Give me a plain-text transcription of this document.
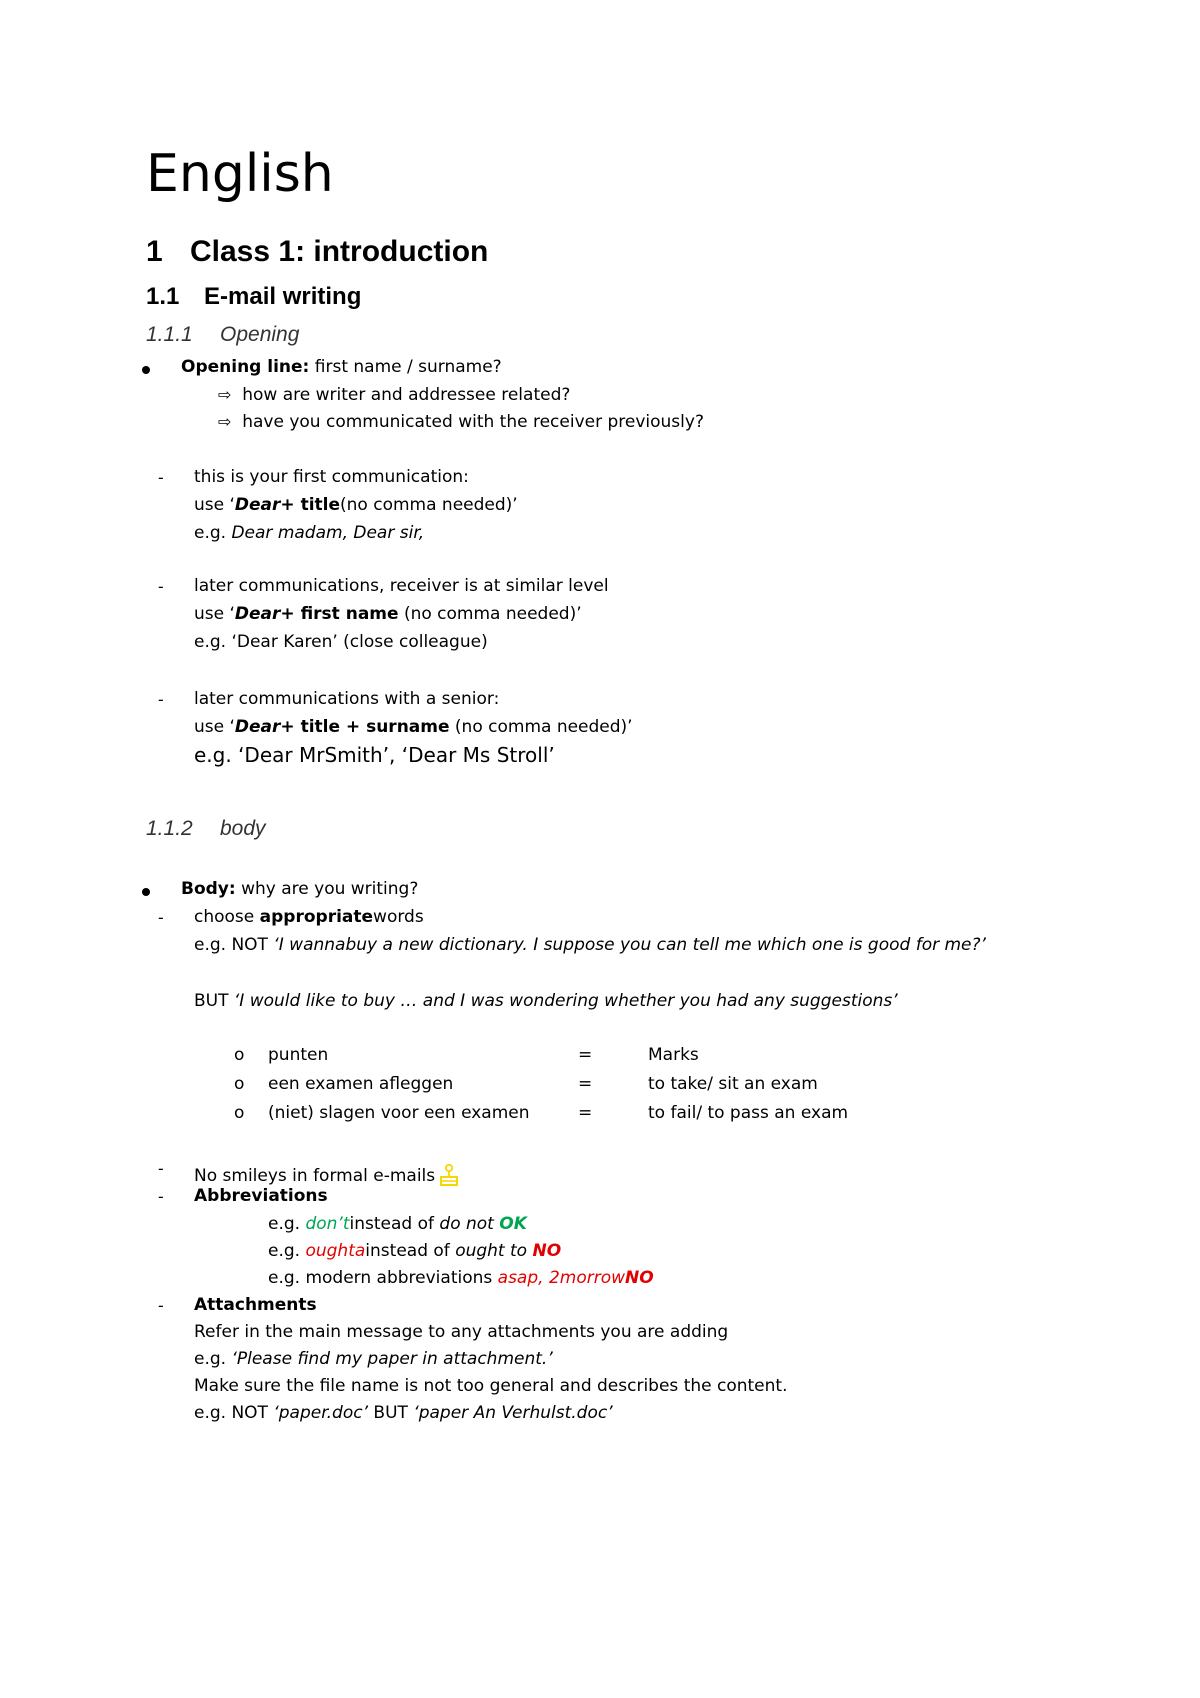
English
1 Class 1: introduction
1.1 E-mail writing
1.1.1 Opening
Opening line: first name / surname?
⇨ how are writer and addressee related?
⇨ have you communicated with the receiver previously?
- this is your first communication:
use ‘Dear+ title(no comma needed)’
e.g. Dear madam, Dear sir,
- later communications, receiver is at similar level
use ‘Dear+ first name (no comma needed)’
e.g. ‘Dear Karen’ (close colleague)
- later communications with a senior:
use ‘Dear+ title + surname (no comma needed)’
e.g. ‘Dear MrSmith’, ‘Dear Ms Stroll’
1.1.2 body
Body: why are you writing?
- choose appropriatewords
e.g. NOT ‘I wannabuy a new dictionary. I suppose you can tell me which one is good for me?’
BUT ‘I would like to buy … and I was wondering whether you had any suggestions’
o punten	=	Marks
o een examen afleggen	=	to take/ sit an exam
o (niet) slagen voor een examen	=	to fail/ to pass an exam
- No smileys in formal e-mails
- Abbreviations
e.g. don’tinstead of do not OK
e.g. oughtainstead of ought to NO
e.g. modern abbreviations asap, 2morrowNO
- Attachments
Refer in the main message to any attachments you are adding
e.g. ‘Please find my paper in attachment.’
Make sure the file name is not too general and describes the content.
e.g. NOT ‘paper.doc’ BUT ‘paper An Verhulst.doc’
